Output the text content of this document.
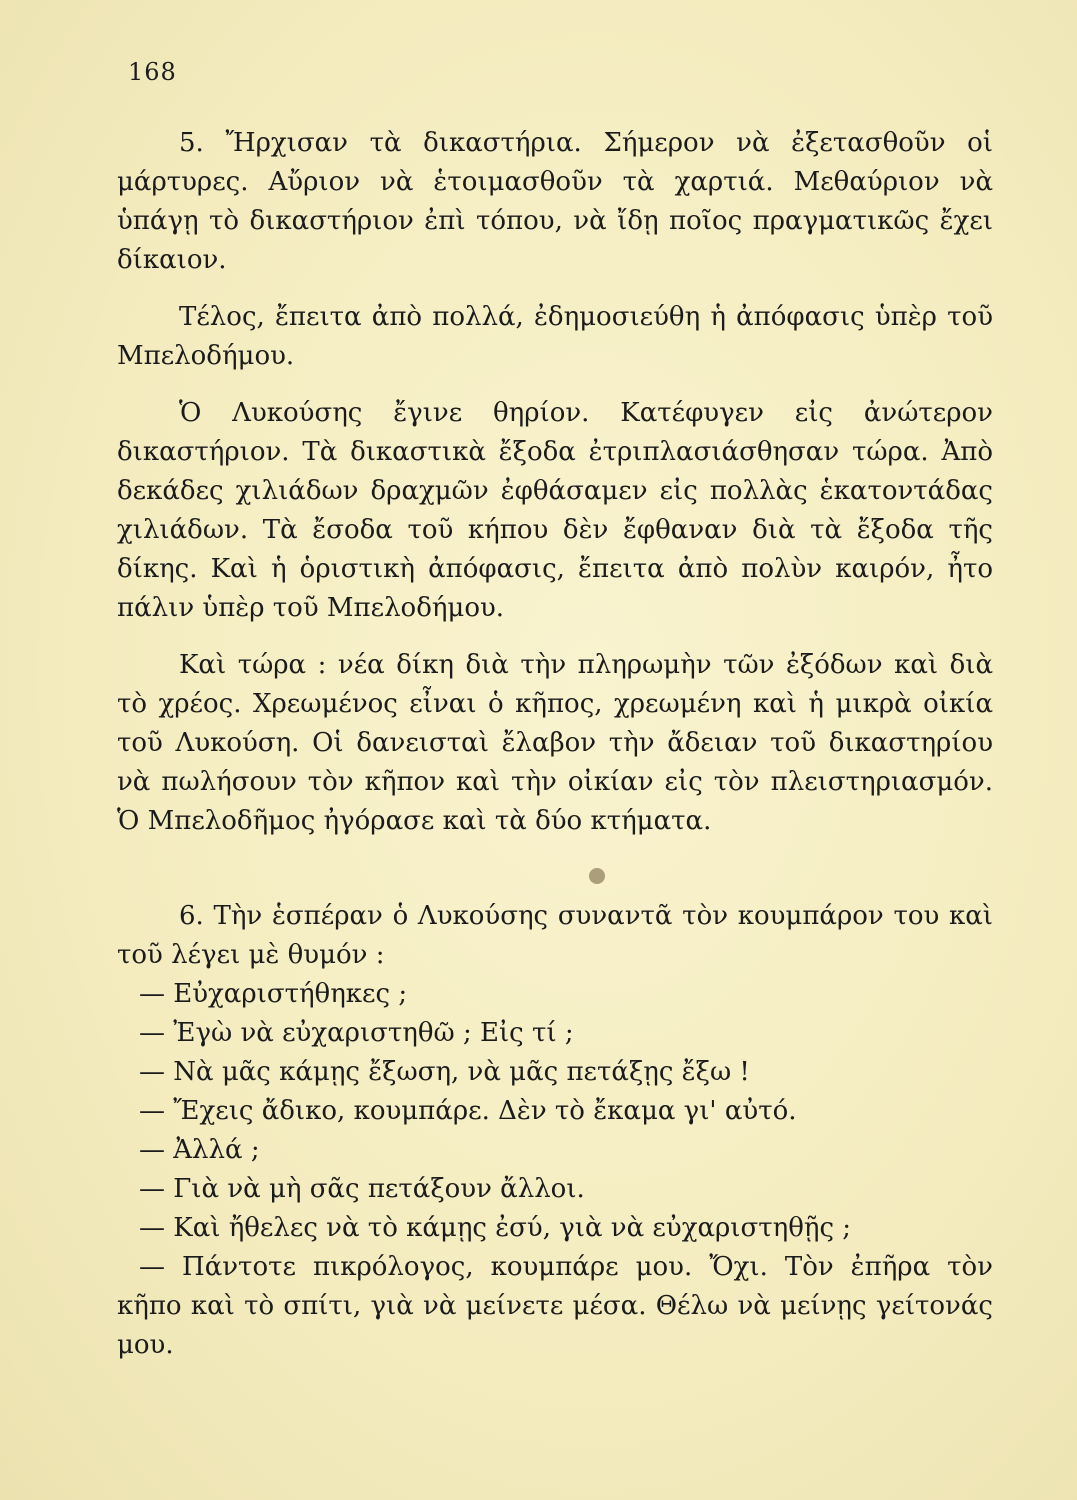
168

5. Ἤρχισαν τὰ δικαστήρια. Σήμερον νὰ ἐξετασθοῦν οἱ μάρτυρες. Αὔριον νὰ ἑτοιμασθοῦν τὰ χαρτιά. Μεθαύριον νὰ ὑπάγῃ τὸ δικαστήριον ἐπὶ τόπου, νὰ ἴδῃ ποῖος πραγματικῶς ἔχει δίκαιον.

Τέλος, ἔπειτα ἀπὸ πολλά, ἐδημοσιεύθη ἡ ἀπόφασις ὑπὲρ τοῦ Μπελοδήμου.

Ὁ Λυκούσης ἔγινε θηρίον. Κατέφυγεν εἰς ἀνώτερον δικαστήριον. Τὰ δικαστικὰ ἔξοδα ἐτριπλασιάσθησαν τώρα. Ἀπὸ δεκάδες χιλιάδων δραχμῶν ἐφθάσαμεν εἰς πολλὰς ἑκατοντάδας χιλιάδων. Τὰ ἔσοδα τοῦ κήπου δὲν ἔφθαναν διὰ τὰ ἔξοδα τῆς δίκης. Καὶ ἡ ὁριστικὴ ἀπόφασις, ἔπειτα ἀπὸ πολὺν καιρόν, ἦτο πάλιν ὑπὲρ τοῦ Μπελοδήμου.

Καὶ τώρα : νέα δίκη διὰ τὴν πληρωμὴν τῶν ἐξόδων καὶ διὰ τὸ χρέος. Χρεωμένος εἶναι ὁ κῆπος, χρεωμένη καὶ ἡ μικρὰ οἰκία τοῦ Λυκούση. Οἱ δανεισταὶ ἔλαβον τὴν ἄδειαν τοῦ δικαστηρίου νὰ πωλήσουν τὸν κῆπον καὶ τὴν οἰκίαν εἰς τὸν πλειστηριασμόν. Ὁ Μπελοδῆμος ἠγόρασε καὶ τὰ δύο κτήματα.

6. Τὴν ἑσπέραν ὁ Λυκούσης συναντᾶ τὸν κουμπάρον του καὶ τοῦ λέγει μὲ θυμόν :

— Εὐχαριστήθηκες ;

— Ἐγὼ νὰ εὐχαριστηθῶ ; Εἰς τί ;

— Νὰ μᾶς κάμῃς ἔξωση, νὰ μᾶς πετάξῃς ἔξω !

— Ἔχεις ἄδικο, κουμπάρε. Δὲν τὸ ἔκαμα γι' αὐτό.

— Ἀλλά ;

— Γιὰ νὰ μὴ σᾶς πετάξουν ἄλλοι.

— Καὶ ἤθελες νὰ τὸ κάμῃς ἐσύ, γιὰ νὰ εὐχαριστηθῇς ;

— Πάντοτε πικρόλογος, κουμπάρε μου. Ὄχι. Τὸν ἐπῆρα τὸν κῆπο καὶ τὸ σπίτι, γιὰ νὰ μείνετε μέσα. Θέλω νὰ μείνῃς γείτονάς μου.
